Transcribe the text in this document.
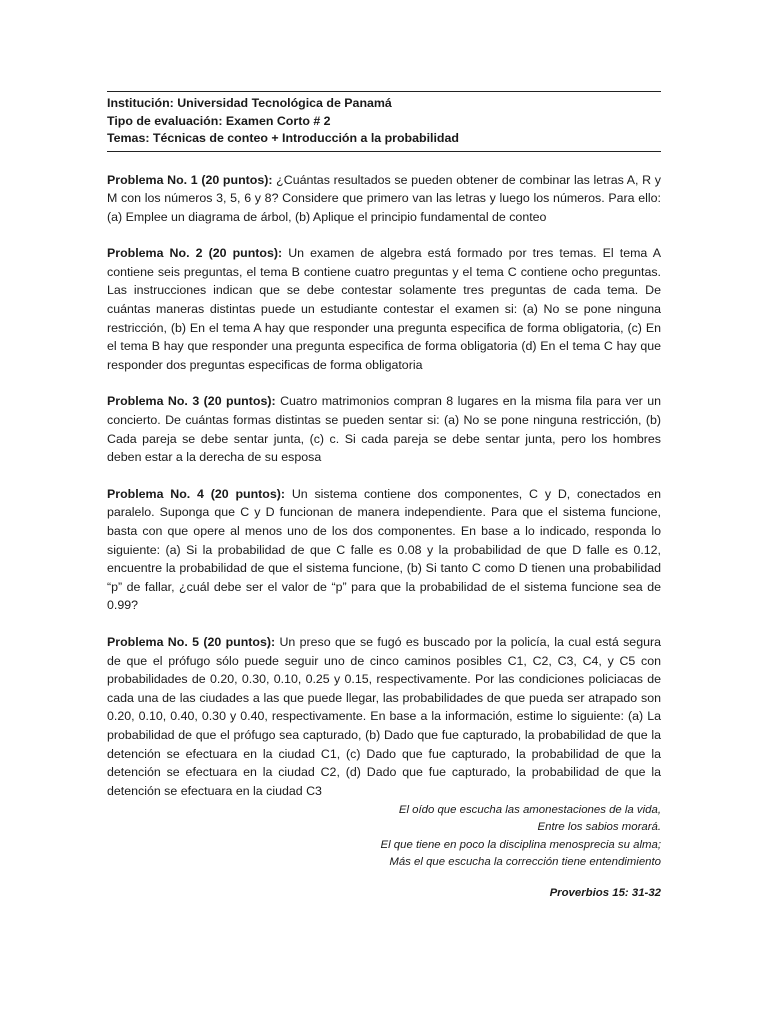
Institución: Universidad Tecnológica de Panamá
Tipo de evaluación: Examen Corto # 2
Temas: Técnicas de conteo + Introducción a la probabilidad

Problema No. 1 (20 puntos): ¿Cuántas resultados se pueden obtener de combinar las letras A, R y M con los números 3, 5, 6 y 8? Considere que primero van las letras y luego los números. Para ello: (a) Emplee un diagrama de árbol, (b) Aplique el principio fundamental de conteo

Problema No. 2 (20 puntos): Un examen de algebra está formado por tres temas. El tema A contiene seis preguntas, el tema B contiene cuatro preguntas y el tema C contiene ocho preguntas. Las instrucciones indican que se debe contestar solamente tres preguntas de cada tema. De cuántas maneras distintas puede un estudiante contestar el examen si: (a) No se pone ninguna restricción, (b) En el tema A hay que responder una pregunta especifica de forma obligatoria, (c) En el tema B hay que responder una pregunta especifica de forma obligatoria (d) En el tema C hay que responder dos preguntas especificas de forma obligatoria

Problema No. 3 (20 puntos): Cuatro matrimonios compran 8 lugares en la misma fila para ver un concierto. De cuántas formas distintas se pueden sentar si: (a) No se pone ninguna restricción, (b) Cada pareja se debe sentar junta, (c) c. Si cada pareja se debe sentar junta, pero los hombres deben estar a la derecha de su esposa

Problema No. 4 (20 puntos): Un sistema contiene dos componentes, C y D, conectados en paralelo. Suponga que C y D funcionan de manera independiente. Para que el sistema funcione, basta con que opere al menos uno de los dos componentes. En base a lo indicado, responda lo siguiente: (a) Si la probabilidad de que C falle es 0.08 y la probabilidad de que D falle es 0.12, encuentre la probabilidad de que el sistema funcione, (b) Si tanto C como D tienen una probabilidad “p” de fallar, ¿cuál debe ser el valor de “p” para que la probabilidad de el sistema funcione sea de 0.99?

Problema No. 5 (20 puntos): Un preso que se fugó es buscado por la policía, la cual está segura de que el prófugo sólo puede seguir uno de cinco caminos posibles C1, C2, C3, C4, y C5 con probabilidades de 0.20, 0.30, 0.10, 0.25 y 0.15, respectivamente. Por las condiciones policiacas de cada una de las ciudades a las que puede llegar, las probabilidades de que pueda ser atrapado son 0.20, 0.10, 0.40, 0.30 y 0.40, respectivamente. En base a la información, estime lo siguiente: (a) La probabilidad de que el prófugo sea capturado, (b) Dado que fue capturado, la probabilidad de que la detención se efectuara en la ciudad C1, (c) Dado que fue capturado, la probabilidad de que la detención se efectuara en la ciudad C2, (d) Dado que fue capturado, la probabilidad de que la detención se efectuara en la ciudad C3

El oído que escucha las amonestaciones de la vida,
Entre los sabios morará.
El que tiene en poco la disciplina menosprecia su alma;
Más el que escucha la corrección tiene entendimiento
Proverbios 15: 31-32
